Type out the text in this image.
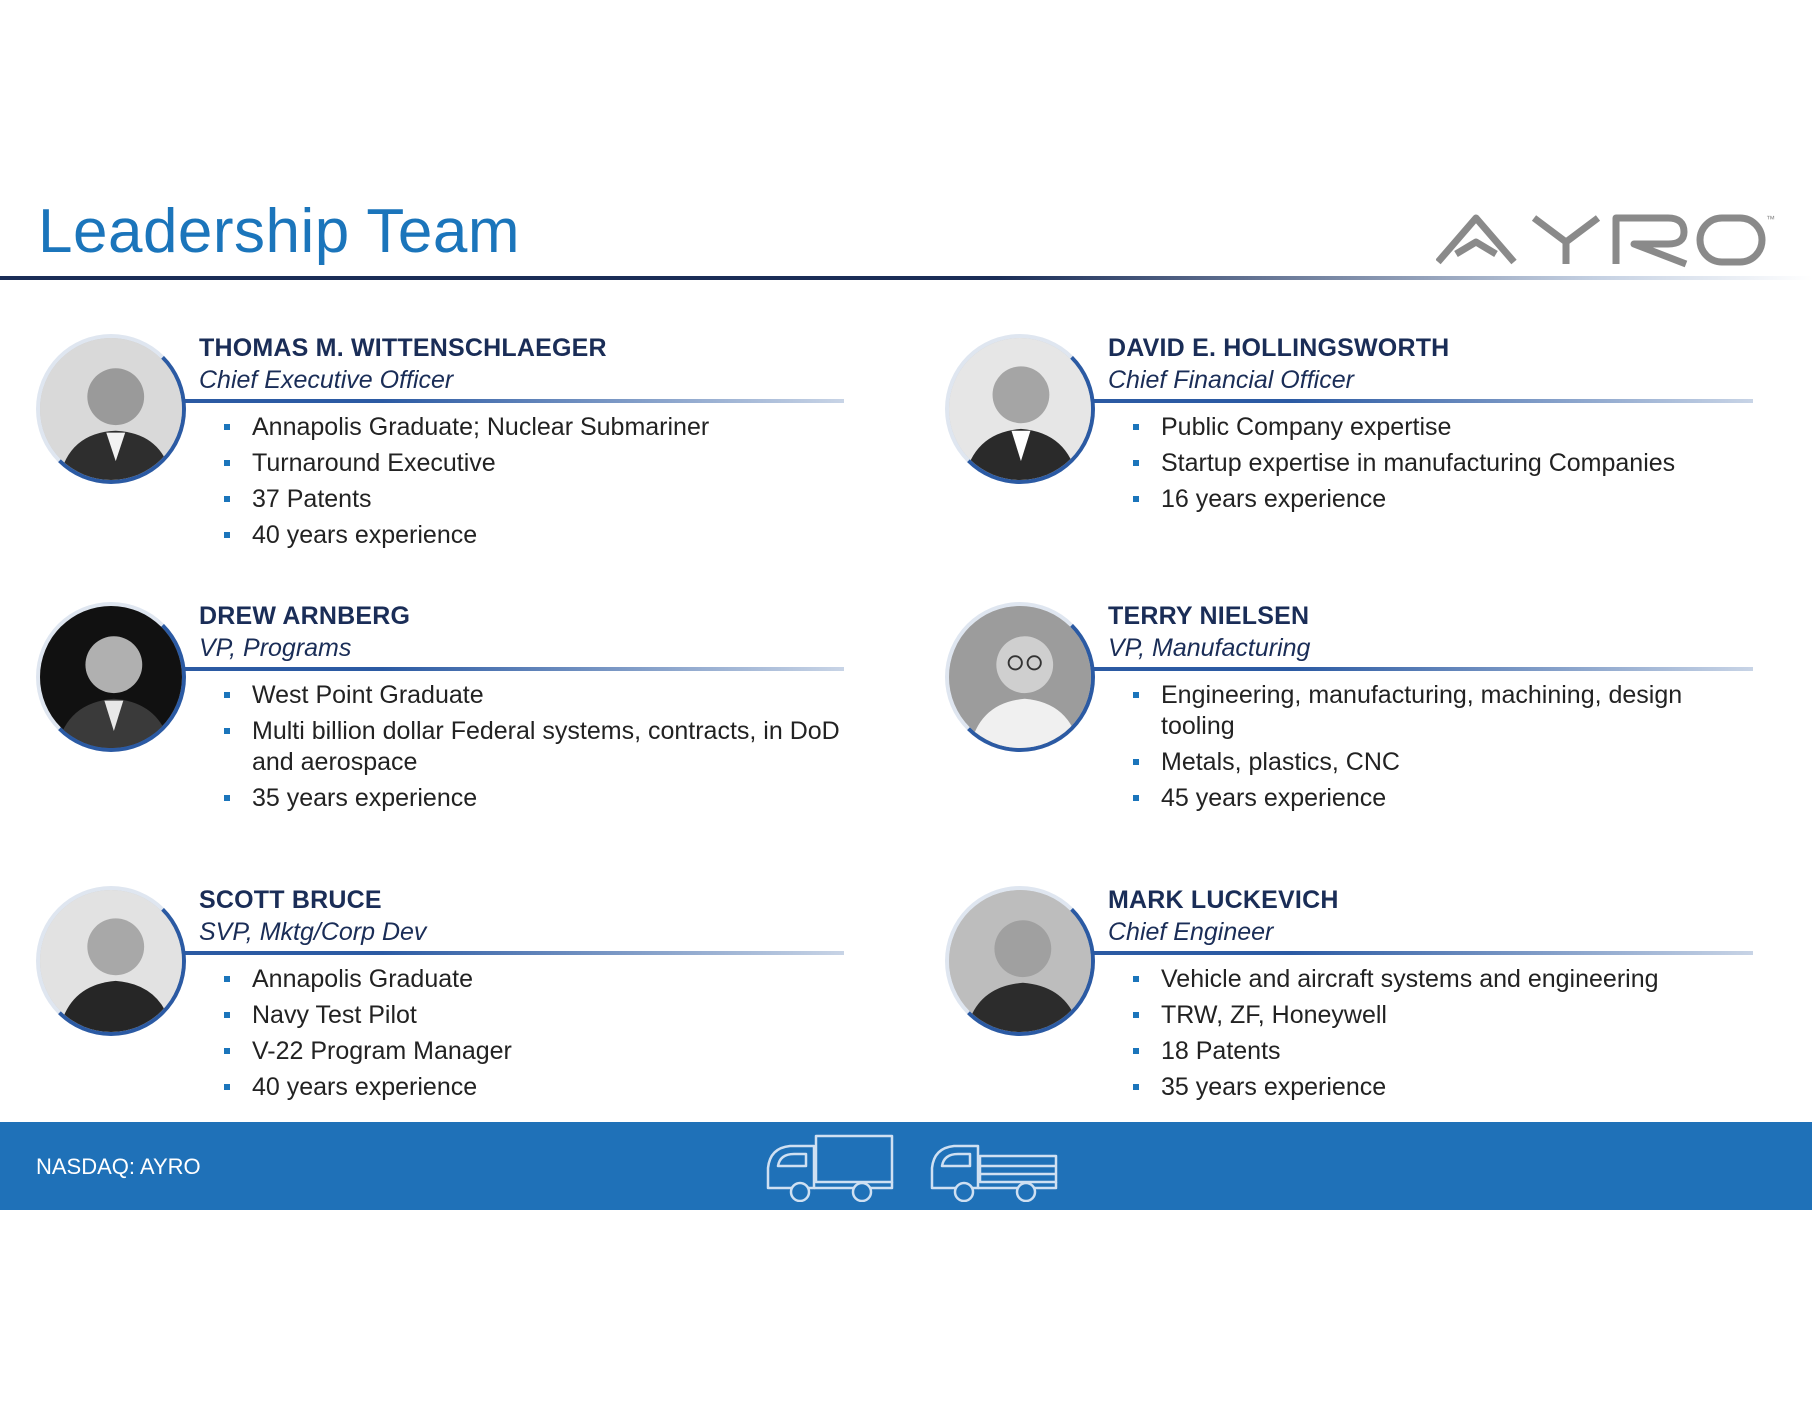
Leadership Team	™
THOMAS M. WITTENSCHLAEGER
Chief Executive Officer
Annapolis Graduate; Nuclear Submariner
Turnaround Executive
37 Patents
40 years experience
DAVID E. HOLLINGSWORTH
Chief Financial Officer
Public Company expertise
Startup expertise in manufacturing Companies
16 years experience
DREW ARNBERG
VP, Programs
West Point Graduate
Multi billion dollar Federal systems, contracts, in DoD and aerospace
35 years experience
TERRY NIELSEN
VP, Manufacturing
Engineering, manufacturing, machining, design tooling
Metals, plastics, CNC
45 years experience
SCOTT BRUCE
SVP, Mktg/Corp Dev
Annapolis Graduate
Navy Test Pilot
V-22 Program Manager
40 years experience
MARK LUCKEVICH
Chief Engineer
Vehicle and aircraft systems and engineering
TRW, ZF, Honeywell
18 Patents
35 years experience
NASDAQ: AYRO
